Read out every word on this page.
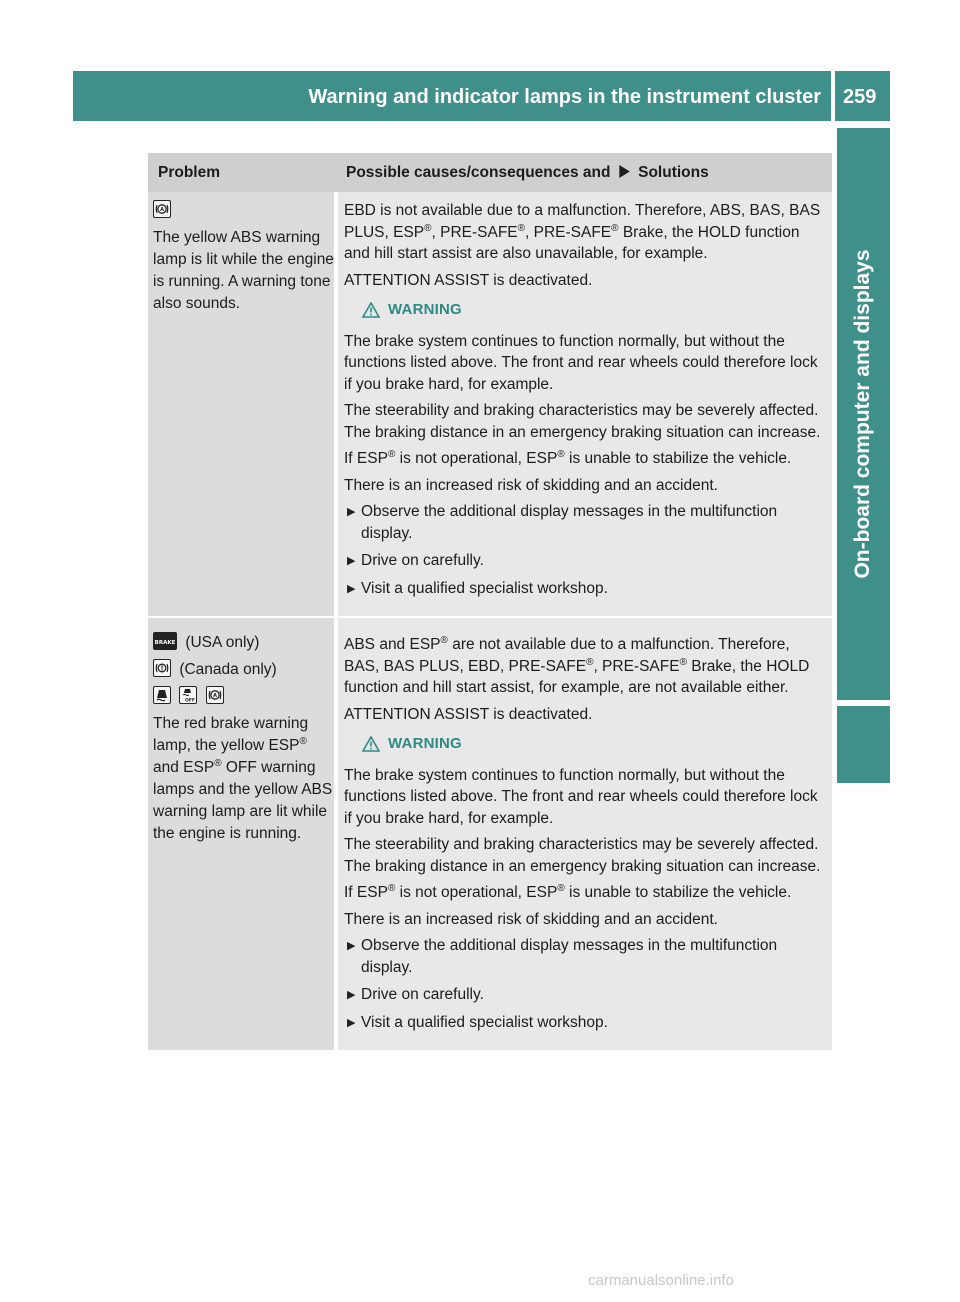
Warning and indicator lamps in the instrument cluster	259
On-board computer and displays
Problem	Possible causes/consequences and Solutions

A

The yellow ABS warning lamp is lit while the engine is running. A warning tone also sounds.

EBD is not available due to a malfunction. Therefore, ABS, BAS, BAS PLUS, ESP®, PRE-SAFE®, PRE-SAFE® Brake, the HOLD function and hill start assist are also unavailable, for example.

ATTENTION ASSIST is deactivated.

WARNING

The brake system continues to function normally, but without the functions listed above. The front and rear wheels could therefore lock if you brake hard, for example.

The steerability and braking characteristics may be severely affected. The braking distance in an emergency braking situation can increase.

If ESP® is not operational, ESP® is unable to stabilize the vehicle.

There is an increased risk of skidding and an accident.

▶ Observe the additional display messages in the multifunction display.
▶ Drive on carefully.
▶ Visit a qualified specialist workshop.

BRAKE (USA only)

(Canada only)

OFF

A

The red brake warning lamp, the yellow ESP® and ESP® OFF warning lamps and the yellow ABS warning lamp are lit while the engine is running.

ABS and ESP® are not available due to a malfunction. Therefore, BAS, BAS PLUS, EBD, PRE-SAFE®, PRE-SAFE® Brake, the HOLD function and hill start assist, for example, are not available either.

ATTENTION ASSIST is deactivated.

WARNING

The brake system continues to function normally, but without the functions listed above. The front and rear wheels could therefore lock if you brake hard, for example.

The steerability and braking characteristics may be severely affected. The braking distance in an emergency braking situation can increase.

If ESP® is not operational, ESP® is unable to stabilize the vehicle.

There is an increased risk of skidding and an accident.

▶ Observe the additional display messages in the multifunction display.
▶ Drive on carefully.
▶ Visit a qualified specialist workshop.
carmanualsonline.info
